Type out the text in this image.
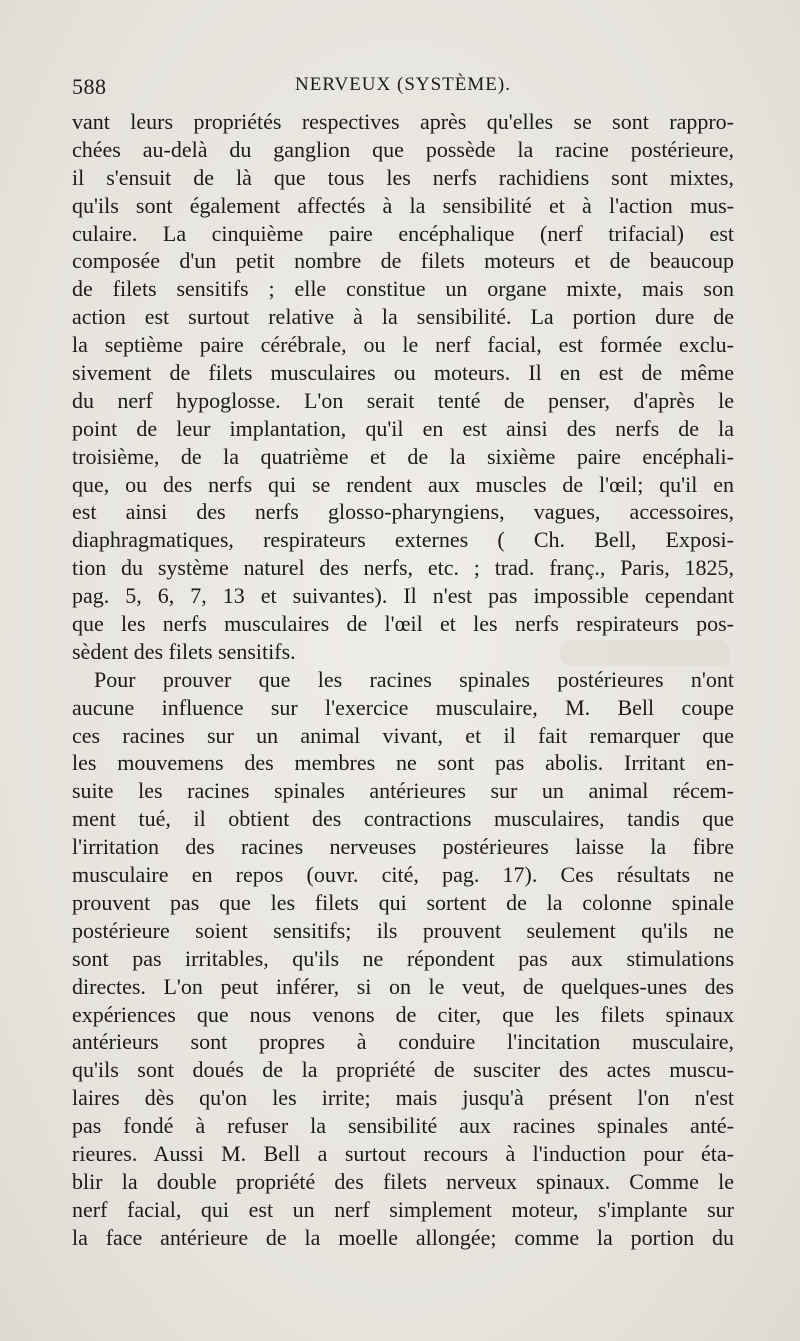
588	NERVEUX (SYSTÈME).
vant leurs propriétés respectives après qu'elles se sont rappro-
chées au-delà du ganglion que possède la racine postérieure,
il s'ensuit de là que tous les nerfs rachidiens sont mixtes,
qu'ils sont également affectés à la sensibilité et à l'action mus-
culaire. La cinquième paire encéphalique (nerf trifacial) est
composée d'un petit nombre de filets moteurs et de beaucoup
de filets sensitifs ; elle constitue un organe mixte, mais son
action est surtout relative à la sensibilité. La portion dure de
la septième paire cérébrale, ou le nerf facial, est formée exclu-
sivement de filets musculaires ou moteurs. Il en est de même
du nerf hypoglosse. L'on serait tenté de penser, d'après le
point de leur implantation, qu'il en est ainsi des nerfs de la
troisième, de la quatrième et de la sixième paire encéphali-
que, ou des nerfs qui se rendent aux muscles de l'œil; qu'il en
est ainsi des nerfs glosso-pharyngiens, vagues, accessoires,
diaphragmatiques, respirateurs externes ( Ch. Bell, Exposi-
tion du système naturel des nerfs, etc. ; trad. franç., Paris, 1825,
pag. 5, 6, 7, 13 et suivantes). Il n'est pas impossible cependant
que les nerfs musculaires de l'œil et les nerfs respirateurs pos-
sèdent des filets sensitifs.
Pour prouver que les racines spinales postérieures n'ont
aucune influence sur l'exercice musculaire, M. Bell coupe
ces racines sur un animal vivant, et il fait remarquer que
les mouvemens des membres ne sont pas abolis. Irritant en-
suite les racines spinales antérieures sur un animal récem-
ment tué, il obtient des contractions musculaires, tandis que
l'irritation des racines nerveuses postérieures laisse la fibre
musculaire en repos (ouvr. cité, pag. 17). Ces résultats ne
prouvent pas que les filets qui sortent de la colonne spinale
postérieure soient sensitifs; ils prouvent seulement qu'ils ne
sont pas irritables, qu'ils ne répondent pas aux stimulations
directes. L'on peut inférer, si on le veut, de quelques-unes des
expériences que nous venons de citer, que les filets spinaux
antérieurs sont propres à conduire l'incitation musculaire,
qu'ils sont doués de la propriété de susciter des actes muscu-
laires dès qu'on les irrite; mais jusqu'à présent l'on n'est
pas fondé à refuser la sensibilité aux racines spinales anté-
rieures. Aussi M. Bell a surtout recours à l'induction pour éta-
blir la double propriété des filets nerveux spinaux. Comme le
nerf facial, qui est un nerf simplement moteur, s'implante sur
la face antérieure de la moelle allongée; comme la portion du
